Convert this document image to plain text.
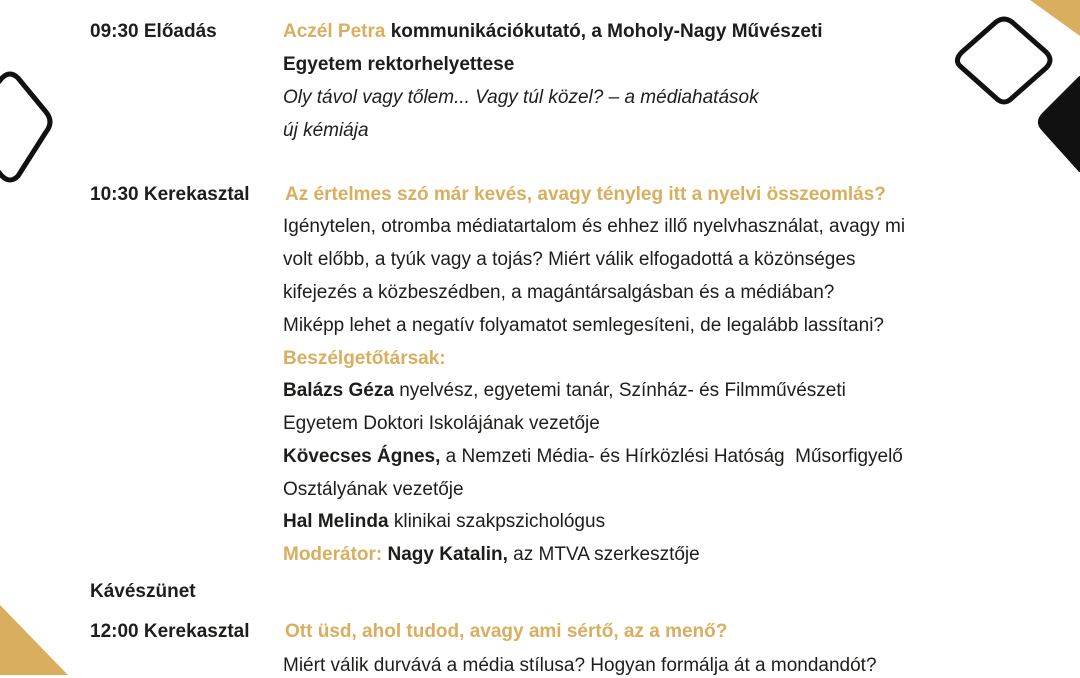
09:30 Előadás	Aczél Petra kommunikációkutató, a Moholy-Nagy Művészeti
Egyetem rektorhelyettese
Oly távol vagy tőlem... Vagy túl közel? – a médiahatások
új kémiája
10:30 Kerekasztal Az értelmes szó már kevés, avagy tényleg itt a nyelvi összeomlás?
Igénytelen, otromba médiatartalom és ehhez illő nyelvhasználat, avagy mi
volt előbb, a tyúk vagy a tojás? Miért válik elfogadottá a közönséges
kifejezés a közbeszédben, a magántársalgásban és a médiában?
Miképp lehet a negatív folyamatot semlegesíteni, de legalább lassítani?
Beszélgetőtársak:
Balázs Géza nyelvész, egyetemi tanár, Színház- és Filmművészeti
Egyetem Doktori Iskolájának vezetője
Kövecses Ágnes, a Nemzeti Média- és Hírközlési Hatóság  Műsorfigyelő
Osztályának vezetője
Hal Melinda klinikai szakpszichológus
Moderátor: Nagy Katalin, az MTVA szerkesztője
Kávészünet
12:00 Kerekasztal Ott üsd, ahol tudod, avagy ami sértő, az a menő?
Miért válik durvává a média stílusa? Hogyan formálja át a mondandót?
